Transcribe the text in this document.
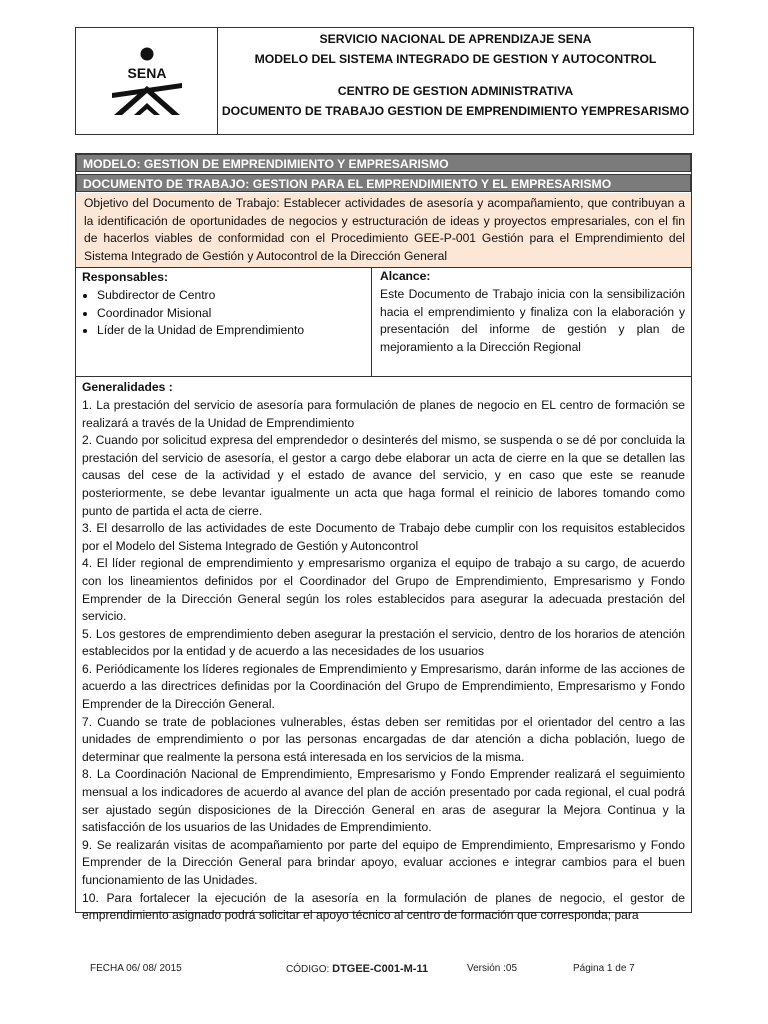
SENA
SERVICIO NACIONAL DE APRENDIZAJE SENA
MODELO DEL SISTEMA INTEGRADO DE GESTION Y AUTOCONTROL
CENTRO DE GESTION ADMINISTRATIVA
DOCUMENTO DE TRABAJO GESTION DE EMPRENDIMIENTO YEMPRESARISMO
MODELO: GESTION DE EMPRENDIMIENTO Y EMPRESARISMO
DOCUMENTO DE TRABAJO: GESTION PARA EL EMPRENDIMIENTO Y EL EMPRESARISMO
Objetivo del Documento de Trabajo: Establecer actividades de asesoría y acompañamiento, que contribuyan a la identificación de oportunidades de negocios y estructuración de ideas y proyectos empresariales, con el fin de hacerlos viables de conformidad con el Procedimiento GEE-P-001 Gestión para el Emprendimiento del Sistema Integrado de Gestión y Autocontrol de la Dirección General
Responsables:
• Subdirector de Centro
• Coordinador Misional
• Líder de la Unidad de Emprendimiento
Alcance:
Este Documento de Trabajo inicia con la sensibilización hacia el emprendimiento y finaliza con la elaboración y presentación del informe de gestión y plan de mejoramiento a la Dirección Regional
Generalidades :

1. La prestación del servicio de asesoría para formulación de planes de negocio en EL centro de formación se realizará a través de la Unidad de Emprendimiento

2. Cuando por solicitud expresa del emprendedor o desinterés del mismo, se suspenda o se dé por concluida la prestación del servicio de asesoría, el gestor a cargo debe elaborar un acta de cierre en la que se detallen las causas del cese de la actividad y el estado de avance del servicio, y en caso que este se reanude posteriormente, se debe levantar igualmente un acta que haga formal el reinicio de labores tomando como punto de partida el acta de cierre.

3. El desarrollo de las actividades de este Documento de Trabajo debe cumplir con los requisitos establecidos por el Modelo del Sistema Integrado de Gestión y Autoncontrol

4. El líder regional de emprendimiento y empresarismo organiza el equipo de trabajo a su cargo, de acuerdo con los lineamientos definidos por el Coordinador del Grupo de Emprendimiento, Empresarismo y Fondo Emprender de la Dirección General según los roles establecidos para asegurar la adecuada prestación del servicio.

5. Los gestores de emprendimiento deben asegurar la prestación el servicio, dentro de los horarios de atención establecidos por la entidad y de acuerdo a las necesidades de los usuarios

6. Periódicamente los líderes regionales de Emprendimiento y Empresarismo, darán informe de las acciones de acuerdo a las directrices definidas por la Coordinación del Grupo de Emprendimiento, Empresarismo y Fondo Emprender de la Dirección General.

7. Cuando se trate de poblaciones vulnerables, éstas deben ser remitidas por el orientador del centro a las unidades de emprendimiento o por las personas encargadas de dar atención a dicha población, luego de determinar que realmente la persona está interesada en los servicios de la misma.

8. La Coordinación Nacional de Emprendimiento, Empresarismo y Fondo Emprender realizará el seguimiento mensual a los indicadores de acuerdo al avance del plan de acción presentado por cada regional, el cual podrá ser ajustado según disposiciones de la Dirección General en aras de asegurar la Mejora Continua y la satisfacción de los usuarios de las Unidades de Emprendimiento.

9. Se realizarán visitas de acompañamiento por parte del equipo de Emprendimiento, Empresarismo y Fondo Emprender de la Dirección General para brindar apoyo, evaluar acciones e integrar cambios para el buen funcionamiento de las Unidades.

10. Para fortalecer la ejecución de la asesoría en la formulación de planes de negocio, el gestor de emprendimiento asignado podrá solicitar el apoyo técnico al centro de formación que corresponda; para

FECHA 06/ 08/ 2015	CÓDIGO: DTGEE-C001-M-11	Versión :05	Página 1 de 7
